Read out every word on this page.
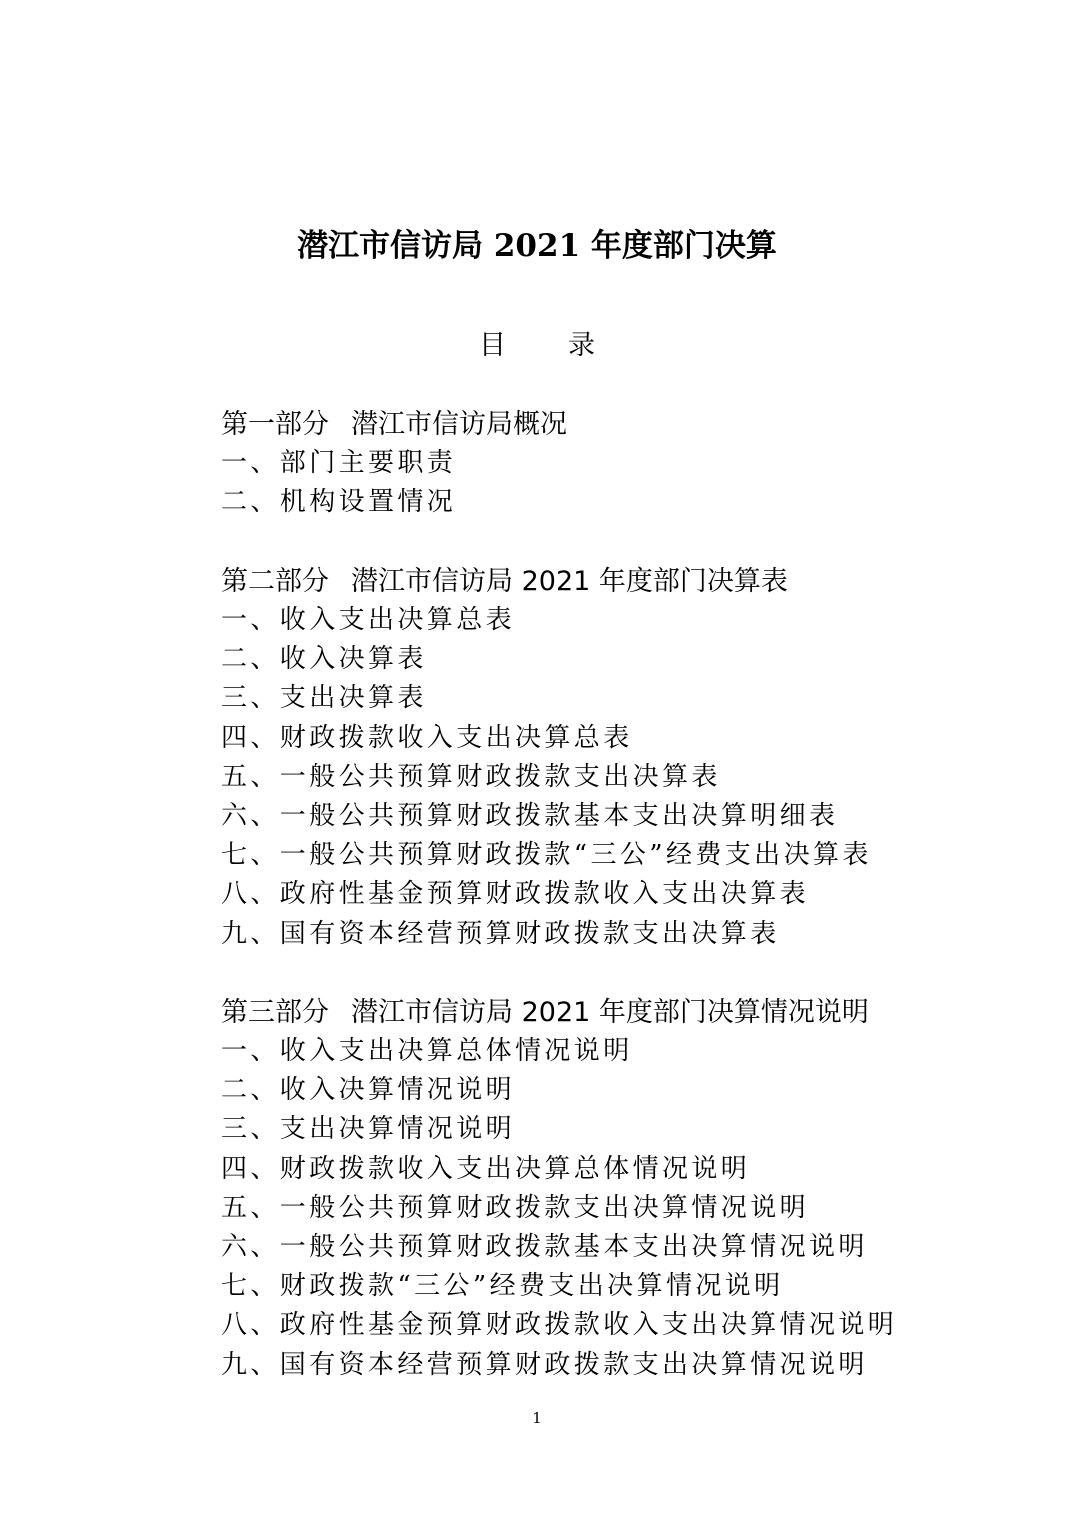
潜江市信访局 2021 年度部门决算
目 录
第一部分 潜江市信访局概况
一、部门主要职责
二、机构设置情况
第二部分 潜江市信访局 2021 年度部门决算表
一、收入支出决算总表
二、收入决算表
三、支出决算表
四、财政拨款收入支出决算总表
五、一般公共预算财政拨款支出决算表
六、一般公共预算财政拨款基本支出决算明细表
七、一般公共预算财政拨款“三公”经费支出决算表
八、政府性基金预算财政拨款收入支出决算表
九、国有资本经营预算财政拨款支出决算表
第三部分 潜江市信访局 2021 年度部门决算情况说明
一、收入支出决算总体情况说明
二、收入决算情况说明
三、支出决算情况说明
四、财政拨款收入支出决算总体情况说明
五、一般公共预算财政拨款支出决算情况说明
六、一般公共预算财政拨款基本支出决算情况说明
七、财政拨款“三公”经费支出决算情况说明
八、政府性基金预算财政拨款收入支出决算情况说明
九、国有资本经营预算财政拨款支出决算情况说明
1
